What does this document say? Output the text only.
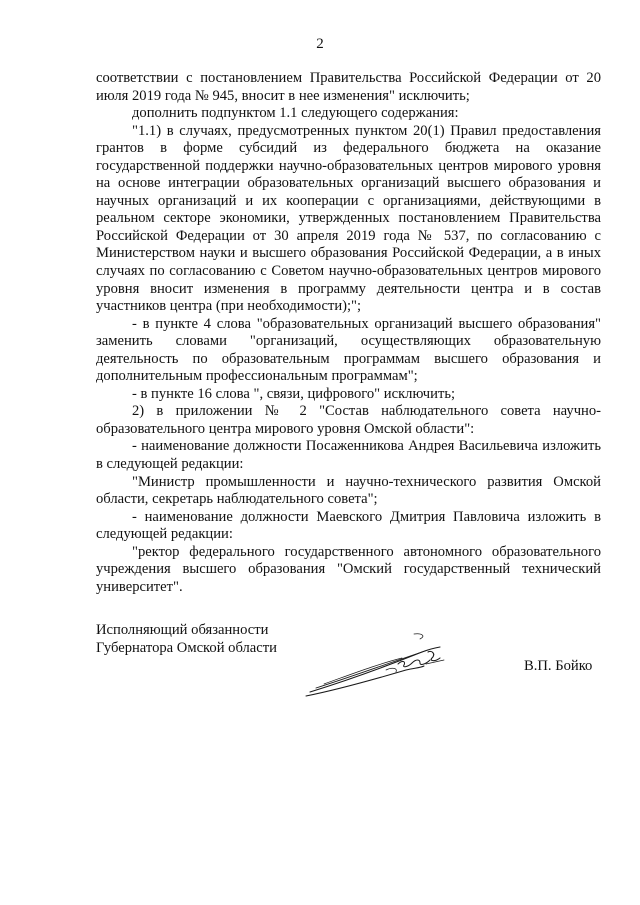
2

соответствии с постановлением Правительства Российской Федерации от 20 июля 2019 года № 945, вносит в нее изменения" исключить;

дополнить подпунктом 1.1 следующего содержания:

"1.1) в случаях, предусмотренных пунктом 20(1) Правил предоставления грантов в форме субсидий из федерального бюджета на оказание государственной поддержки научно-образовательных центров мирового уровня на основе интеграции образовательных организаций высшего образования и научных организаций и их кооперации с организациями, действующими в реальном секторе экономики, утвержденных постановлением Правительства Российской Федерации от 30 апреля 2019 года № 537, по согласованию с Министерством науки и высшего образования Российской Федерации, а в иных случаях по согласованию с Советом научно-образовательных центров мирового уровня вносит изменения в программу деятельности центра и в состав участников центра (при необходимости);";

- в пункте 4 слова "образовательных организаций высшего образования" заменить словами "организаций, осуществляющих образовательную деятельность по образовательным программам высшего образования и дополнительным профессиональным программам";

- в пункте 16 слова ", связи, цифрового" исключить;

2) в приложении № 2 "Состав наблюдательного совета научно-образовательного центра мирового уровня Омской области":

- наименование должности Посаженникова Андрея Васильевича изложить в следующей редакции:

"Министр промышленности и научно-технического развития Омской области, секретарь наблюдательного совета";

- наименование должности Маевского Дмитрия Павловича изложить в следующей редакции:

"ректор федерального государственного автономного образовательного учреждения высшего образования "Омский государственный технический университет".

Исполняющий обязанности
Губернатора Омской области
В.П. Бойко
